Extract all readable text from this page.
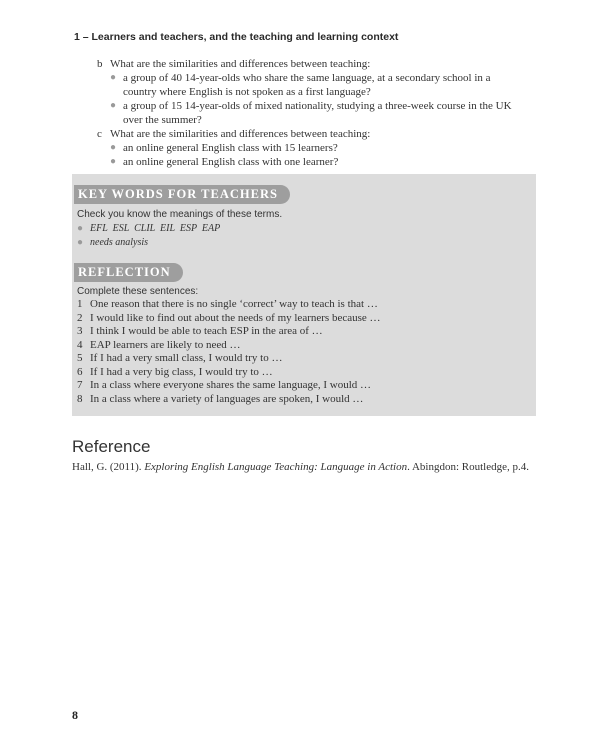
1 – Learners and teachers, and the teaching and learning context
b What are the similarities and differences between teaching:
● a group of 40 14-year-olds who share the same language, at a secondary school in a
country where English is not spoken as a first language?
● a group of 15 14-year-olds of mixed nationality, studying a three-week course in the UK
over the summer?
c What are the similarities and differences between teaching:
● an online general English class with 15 learners?
● an online general English class with one learner?
KEY WORDS FOR TEACHERS
Check you know the meanings of these terms.
● EFL  ESL  CLIL  EIL  ESP  EAP
● needs analysis
REFLECTION
Complete these sentences:
1 One reason that there is no single ‘correct’ way to teach is that …
2 I would like to find out about the needs of my learners because …
3 I think I would be able to teach ESP in the area of …
4 EAP learners are likely to need …
5 If I had a very small class, I would try to …
6 If I had a very big class, I would try to …
7 In a class where everyone shares the same language, I would …
8 In a class where a variety of languages are spoken, I would …
Reference
Hall, G. (2011). Exploring English Language Teaching: Language in Action. Abingdon: Routledge, p.4.
8
